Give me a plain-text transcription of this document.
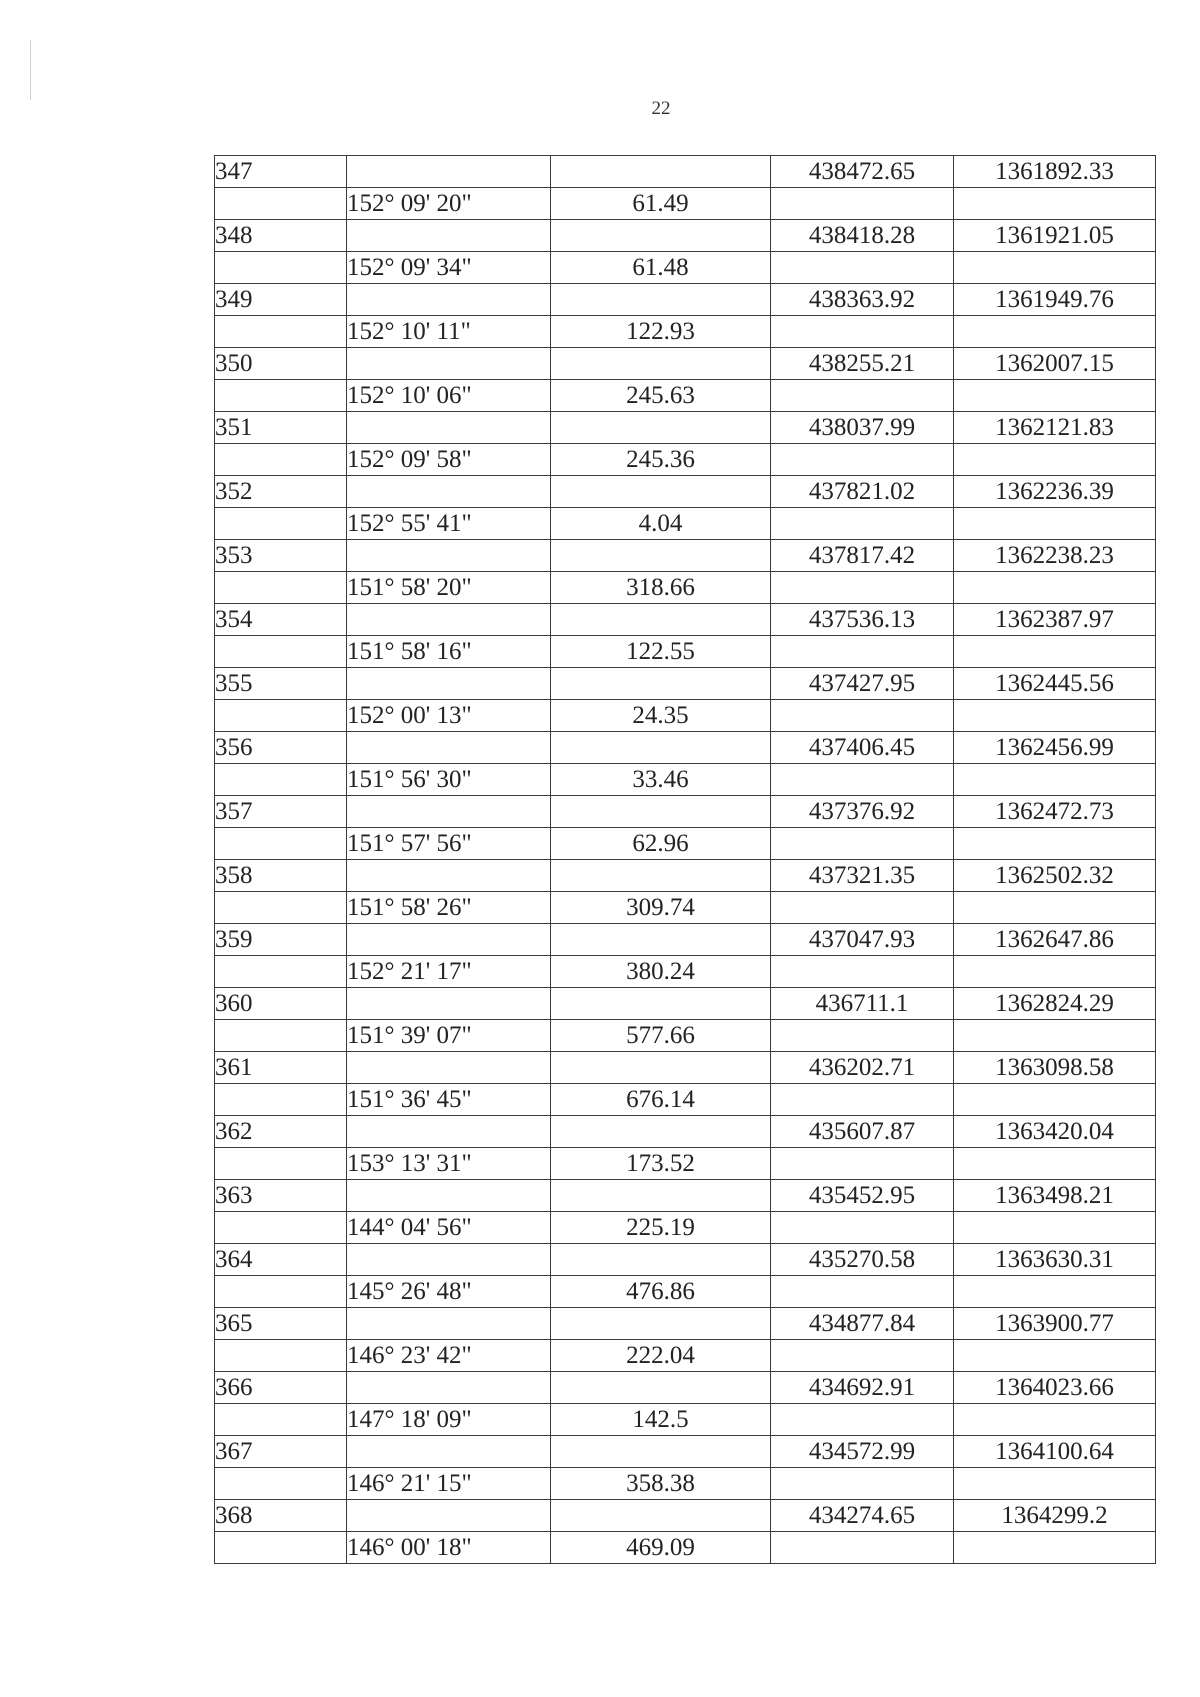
22
347			438472.65	1361892.33
	152° 09' 20"	61.49		
348			438418.28	1361921.05
	152° 09' 34"	61.48		
349			438363.92	1361949.76
	152° 10' 11"	122.93		
350			438255.21	1362007.15
	152° 10' 06"	245.63		
351			438037.99	1362121.83
	152° 09' 58"	245.36		
352			437821.02	1362236.39
	152° 55' 41"	4.04		
353			437817.42	1362238.23
	151° 58' 20"	318.66		
354			437536.13	1362387.97
	151° 58' 16"	122.55		
355			437427.95	1362445.56
	152° 00' 13"	24.35		
356			437406.45	1362456.99
	151° 56' 30"	33.46		
357			437376.92	1362472.73
	151° 57' 56"	62.96		
358			437321.35	1362502.32
	151° 58' 26"	309.74		
359			437047.93	1362647.86
	152° 21' 17"	380.24		
360			436711.1	1362824.29
	151° 39' 07"	577.66		
361			436202.71	1363098.58
	151° 36' 45"	676.14		
362			435607.87	1363420.04
	153° 13' 31"	173.52		
363			435452.95	1363498.21
	144° 04' 56"	225.19		
364			435270.58	1363630.31
	145° 26' 48"	476.86		
365			434877.84	1363900.77
	146° 23' 42"	222.04		
366			434692.91	1364023.66
	147° 18' 09"	142.5		
367			434572.99	1364100.64
	146° 21' 15"	358.38		
368			434274.65	1364299.2
	146° 00' 18"	469.09		
